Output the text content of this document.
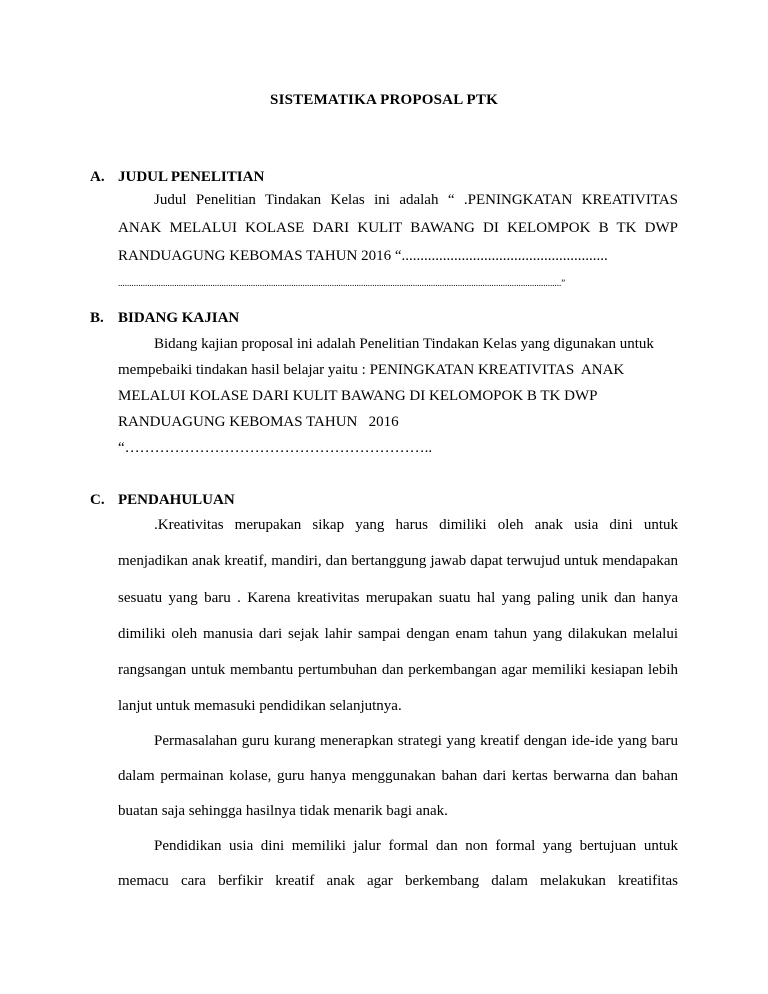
SISTEMATIKA PROPOSAL PTK
A. JUDUL PENELITIAN
Judul Penelitian Tindakan Kelas ini adalah “ .PENINGKATAN KREATIVITAS
ANAK MELALUI KOLASE DARI KULIT BAWANG DI KELOMPOK B TK DWP
RANDUAGUNG KEBOMAS TAHUN 2016 “.......................................................
.....................................................................................................................................................................................................”
B. BIDANG KAJIAN
Bidang kajian proposal ini adalah Penelitian Tindakan Kelas yang digunakan untuk
mempebaiki tindakan hasil belajar yaitu : PENINGKATAN KREATIVITAS  ANAK
MELALUI KOLASE DARI KULIT BAWANG DI KELOMOPOK B TK DWP
RANDUAGUNG KEBOMAS TAHUN   2016
“……………………………………………………..
C. PENDAHULUAN
.Kreativitas merupakan sikap yang harus dimiliki oleh anak usia dini untuk
menjadikan anak kreatif, mandiri, dan bertanggung jawab dapat terwujud untuk mendapakan
sesuatu yang baru . Karena kreativitas merupakan suatu hal yang paling unik dan hanya
dimiliki oleh manusia dari sejak lahir sampai dengan enam tahun yang dilakukan melalui
rangsangan untuk membantu pertumbuhan dan perkembangan agar memiliki kesiapan lebih
lanjut untuk memasuki pendidikan selanjutnya.
Permasalahan guru kurang menerapkan strategi yang kreatif dengan ide-ide yang baru
dalam permainan kolase, guru hanya menggunakan bahan dari kertas berwarna dan bahan
buatan saja sehingga hasilnya tidak menarik bagi anak.
Pendidikan usia dini memiliki jalur formal dan non formal yang bertujuan untuk
memacu cara berfikir kreatif anak agar berkembang dalam melakukan kreatifitas
